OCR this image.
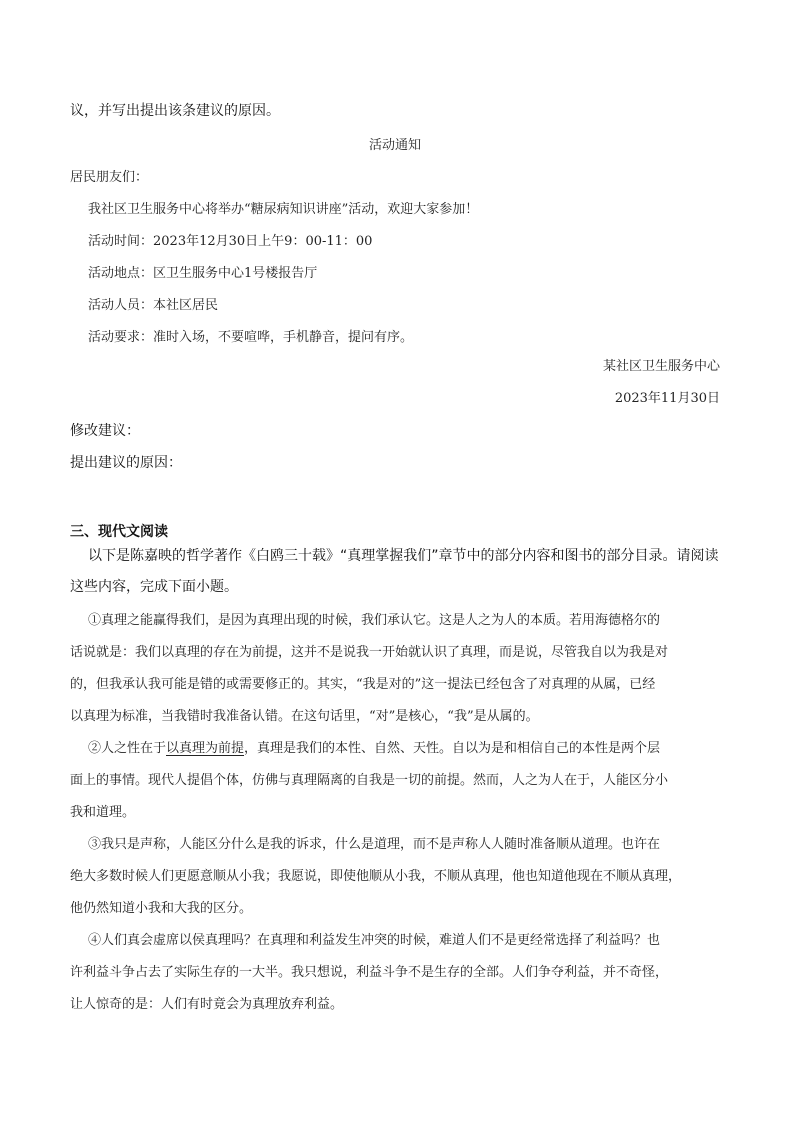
议，并写出提出该条建议的原因。
活动通知
居民朋友们：
我社区卫生服务中心将举办“糖尿病知识讲座”活动，欢迎大家参加！
活动时间：2023年12月30日上午9：00-11：00
活动地点：区卫生服务中心1号楼报告厅
活动人员：本社区居民
活动要求：准时入场，不要喧哗，手机静音，提问有序。
某社区卫生服务中心
2023年11月30日
修改建议：
提出建议的原因：
三、现代文阅读
以下是陈嘉映的哲学著作《白鸥三十载》“真理掌握我们”章节中的部分内容和图书的部分目录。请阅读
这些内容，完成下面小题。
①真理之能赢得我们，是因为真理出现的时候，我们承认它。这是人之为人的本质。若用海德格尔的
话说就是：我们以真理的存在为前提，这并不是说我一开始就认识了真理，而是说，尽管我自以为我是对
的，但我承认我可能是错的或需要修正的。其实，“我是对的”这一提法已经包含了对真理的从属，已经
以真理为标准，当我错时我准备认错。在这句话里，“对”是核心，“我”是从属的。
②人之性在于以真理为前提，真理是我们的本性、自然、天性。自以为是和相信自己的本性是两个层
面上的事情。现代人提倡个体，仿佛与真理隔离的自我是一切的前提。然而，人之为人在于，人能区分小
我和道理。
③我只是声称，人能区分什么是我的诉求，什么是道理，而不是声称人人随时准备顺从道理。也许在
绝大多数时候人们更愿意顺从小我；我愿说，即使他顺从小我，不顺从真理，他也知道他现在不顺从真理，
他仍然知道小我和大我的区分。
④人们真会虚席以侯真理吗？在真理和利益发生冲突的时候，难道人们不是更经常选择了利益吗？也
许利益斗争占去了实际生存的一大半。我只想说，利益斗争不是生存的全部。人们争夺利益，并不奇怪，
让人惊奇的是：人们有时竟会为真理放弃利益。
